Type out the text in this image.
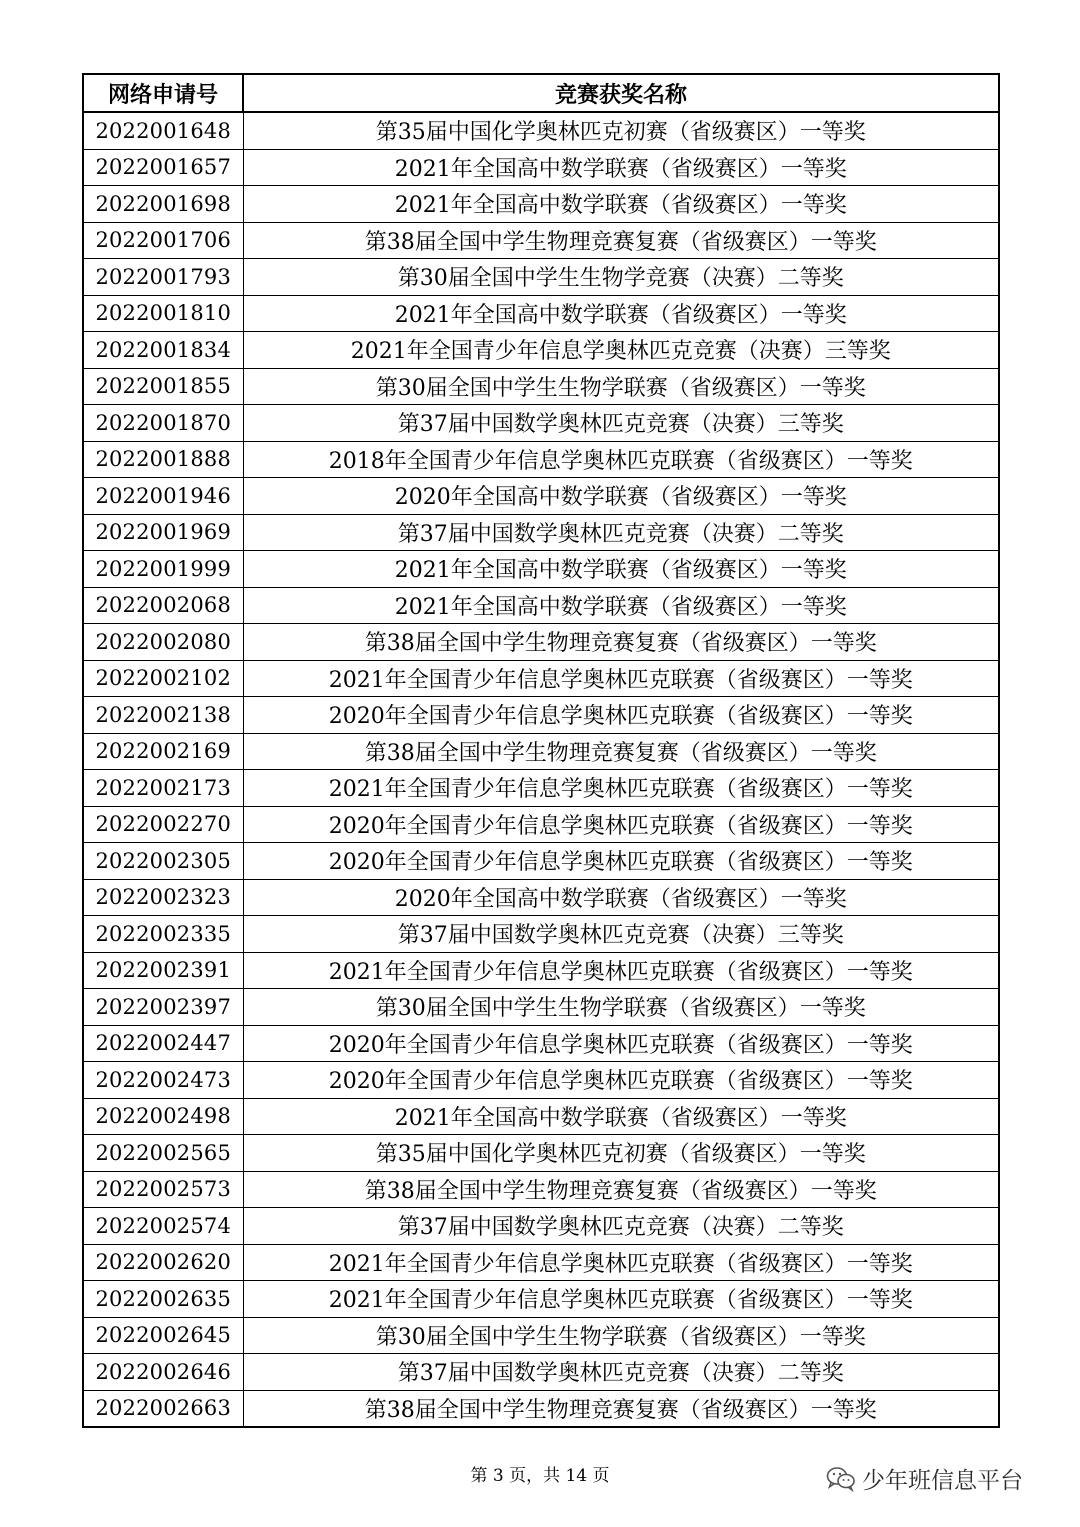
网络申请号	竞赛获奖名称
2022001648	第35届中国化学奥林匹克初赛（省级赛区）一等奖
2022001657	2021年全国高中数学联赛（省级赛区）一等奖
2022001698	2021年全国高中数学联赛（省级赛区）一等奖
2022001706	第38届全国中学生物理竞赛复赛（省级赛区）一等奖
2022001793	第30届全国中学生生物学竞赛（决赛）二等奖
2022001810	2021年全国高中数学联赛（省级赛区）一等奖
2022001834	2021年全国青少年信息学奥林匹克竞赛（决赛）三等奖
2022001855	第30届全国中学生生物学联赛（省级赛区）一等奖
2022001870	第37届中国数学奥林匹克竞赛（决赛）三等奖
2022001888	2018年全国青少年信息学奥林匹克联赛（省级赛区）一等奖
2022001946	2020年全国高中数学联赛（省级赛区）一等奖
2022001969	第37届中国数学奥林匹克竞赛（决赛）二等奖
2022001999	2021年全国高中数学联赛（省级赛区）一等奖
2022002068	2021年全国高中数学联赛（省级赛区）一等奖
2022002080	第38届全国中学生物理竞赛复赛（省级赛区）一等奖
2022002102	2021年全国青少年信息学奥林匹克联赛（省级赛区）一等奖
2022002138	2020年全国青少年信息学奥林匹克联赛（省级赛区）一等奖
2022002169	第38届全国中学生物理竞赛复赛（省级赛区）一等奖
2022002173	2021年全国青少年信息学奥林匹克联赛（省级赛区）一等奖
2022002270	2020年全国青少年信息学奥林匹克联赛（省级赛区）一等奖
2022002305	2020年全国青少年信息学奥林匹克联赛（省级赛区）一等奖
2022002323	2020年全国高中数学联赛（省级赛区）一等奖
2022002335	第37届中国数学奥林匹克竞赛（决赛）三等奖
2022002391	2021年全国青少年信息学奥林匹克联赛（省级赛区）一等奖
2022002397	第30届全国中学生生物学联赛（省级赛区）一等奖
2022002447	2020年全国青少年信息学奥林匹克联赛（省级赛区）一等奖
2022002473	2020年全国青少年信息学奥林匹克联赛（省级赛区）一等奖
2022002498	2021年全国高中数学联赛（省级赛区）一等奖
2022002565	第35届中国化学奥林匹克初赛（省级赛区）一等奖
2022002573	第38届全国中学生物理竞赛复赛（省级赛区）一等奖
2022002574	第37届中国数学奥林匹克竞赛（决赛）二等奖
2022002620	2021年全国青少年信息学奥林匹克联赛（省级赛区）一等奖
2022002635	2021年全国青少年信息学奥林匹克联赛（省级赛区）一等奖
2022002645	第30届全国中学生生物学联赛（省级赛区）一等奖
2022002646	第37届中国数学奥林匹克竞赛（决赛）二等奖
2022002663	第38届全国中学生物理竞赛复赛（省级赛区）一等奖
第 3 页，共 14 页	少年班信息平台
